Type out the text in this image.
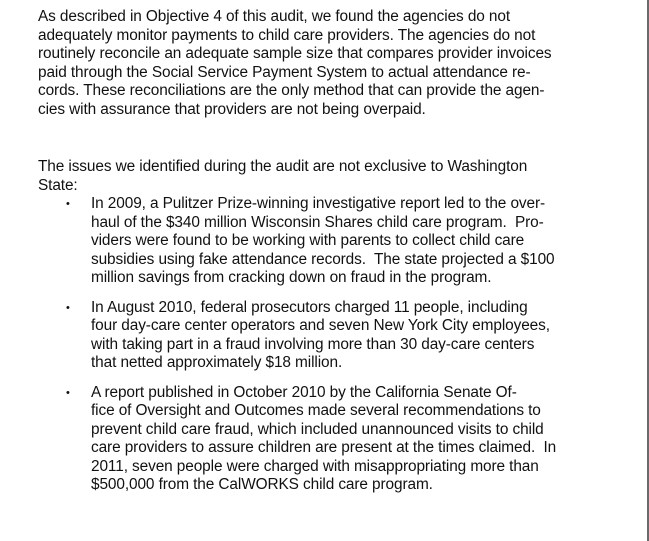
As described in Objective 4 of this audit, we found the agencies do not
adequately monitor payments to child care providers. The agencies do not
routinely reconcile an adequate sample size that compares provider invoices
paid through the Social Service Payment System to actual attendance re-
cords. These reconciliations are the only method that can provide the agen-
cies with assurance that providers are not being overpaid.
The issues we identified during the audit are not exclusive to Washington
State:
• In 2009, a Pulitzer Prize-winning investigative report led to the over-
haul of the $340 million Wisconsin Shares child care program.  Pro-
viders were found to be working with parents to collect child care
subsidies using fake attendance records.  The state projected a $100
million savings from cracking down on fraud in the program.
• In August 2010, federal prosecutors charged 11 people, including
four day-care center operators and seven New York City employees,
with taking part in a fraud involving more than 30 day-care centers
that netted approximately $18 million.
• A report published in October 2010 by the California Senate Of-
fice of Oversight and Outcomes made several recommendations to
prevent child care fraud, which included unannounced visits to child
care providers to assure children are present at the times claimed.  In
2011, seven people were charged with misappropriating more than
$500,000 from the CalWORKS child care program.
